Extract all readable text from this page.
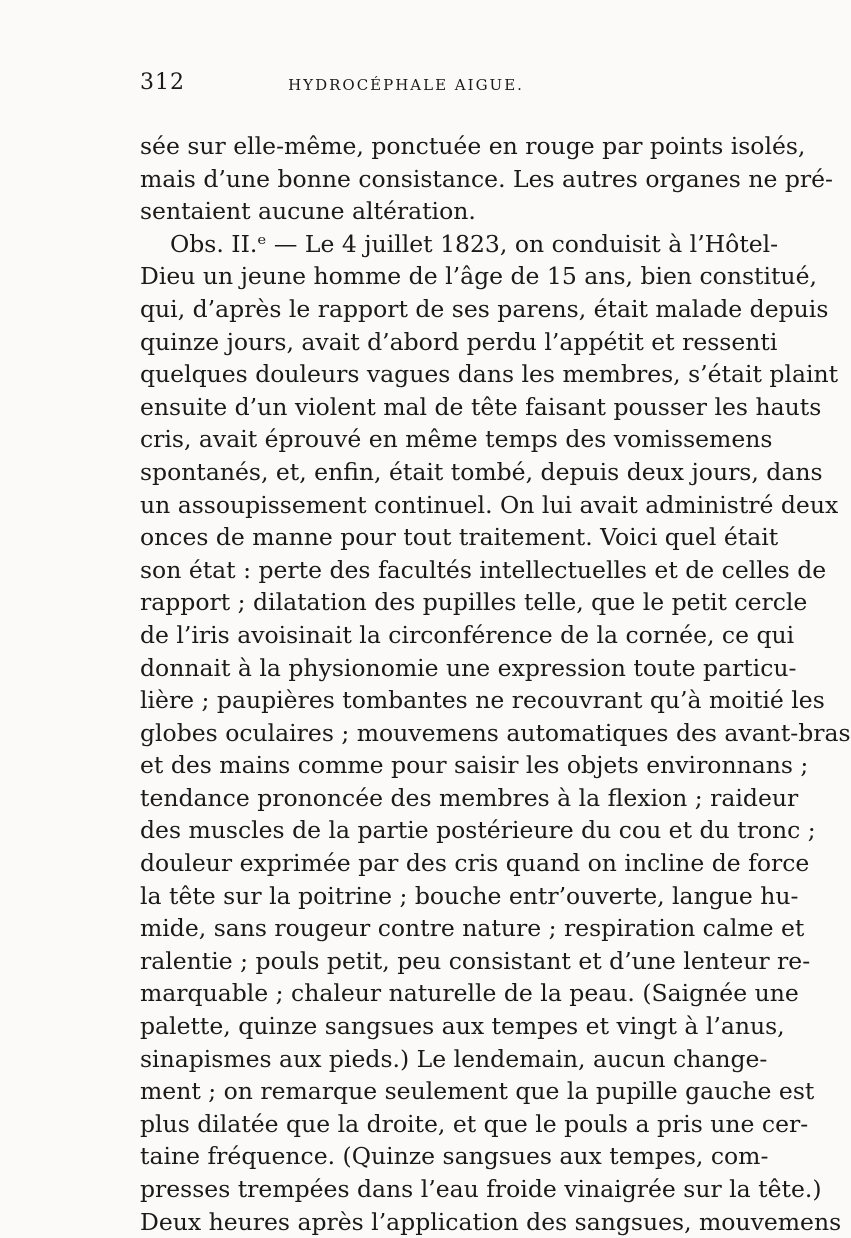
312	HYDROCÉPHALE AIGUE.
sée sur elle-même, ponctuée en rouge par points isolés,
mais d’une bonne consistance. Les autres organes ne pré-
sentaient aucune altération.
Obs. II.ᵉ — Le 4 juillet 1823, on conduisit à l’Hôtel-
Dieu un jeune homme de l’âge de 15 ans, bien constitué,
qui, d’après le rapport de ses parens, était malade depuis
quinze jours, avait d’abord perdu l’appétit et ressenti
quelques douleurs vagues dans les membres, s’était plaint
ensuite d’un violent mal de tête faisant pousser les hauts
cris, avait éprouvé en même temps des vomissemens
spontanés, et, enfin, était tombé, depuis deux jours, dans
un assoupissement continuel. On lui avait administré deux
onces de manne pour tout traitement. Voici quel était
son état : perte des facultés intellectuelles et de celles de
rapport ; dilatation des pupilles telle, que le petit cercle
de l’iris avoisinait la circonférence de la cornée, ce qui
donnait à la physionomie une expression toute particu-
lière ; paupières tombantes ne recouvrant qu’à moitié les
globes oculaires ; mouvemens automatiques des avant-bras
et des mains comme pour saisir les objets environnans ;
tendance prononcée des membres à la flexion ; raideur
des muscles de la partie postérieure du cou et du tronc ;
douleur exprimée par des cris quand on incline de force
la tête sur la poitrine ; bouche entr’ouverte, langue hu-
mide, sans rougeur contre nature ; respiration calme et
ralentie ; pouls petit, peu consistant et d’une lenteur re-
marquable ; chaleur naturelle de la peau. (Saignée une
palette, quinze sangsues aux tempes et vingt à l’anus,
sinapismes aux pieds.) Le lendemain, aucun change-
ment ; on remarque seulement que la pupille gauche est
plus dilatée que la droite, et que le pouls a pris une cer-
taine fréquence. (Quinze sangsues aux tempes, com-
presses trempées dans l’eau froide vinaigrée sur la tête.)
Deux heures après l’application des sangsues, mouvemens
